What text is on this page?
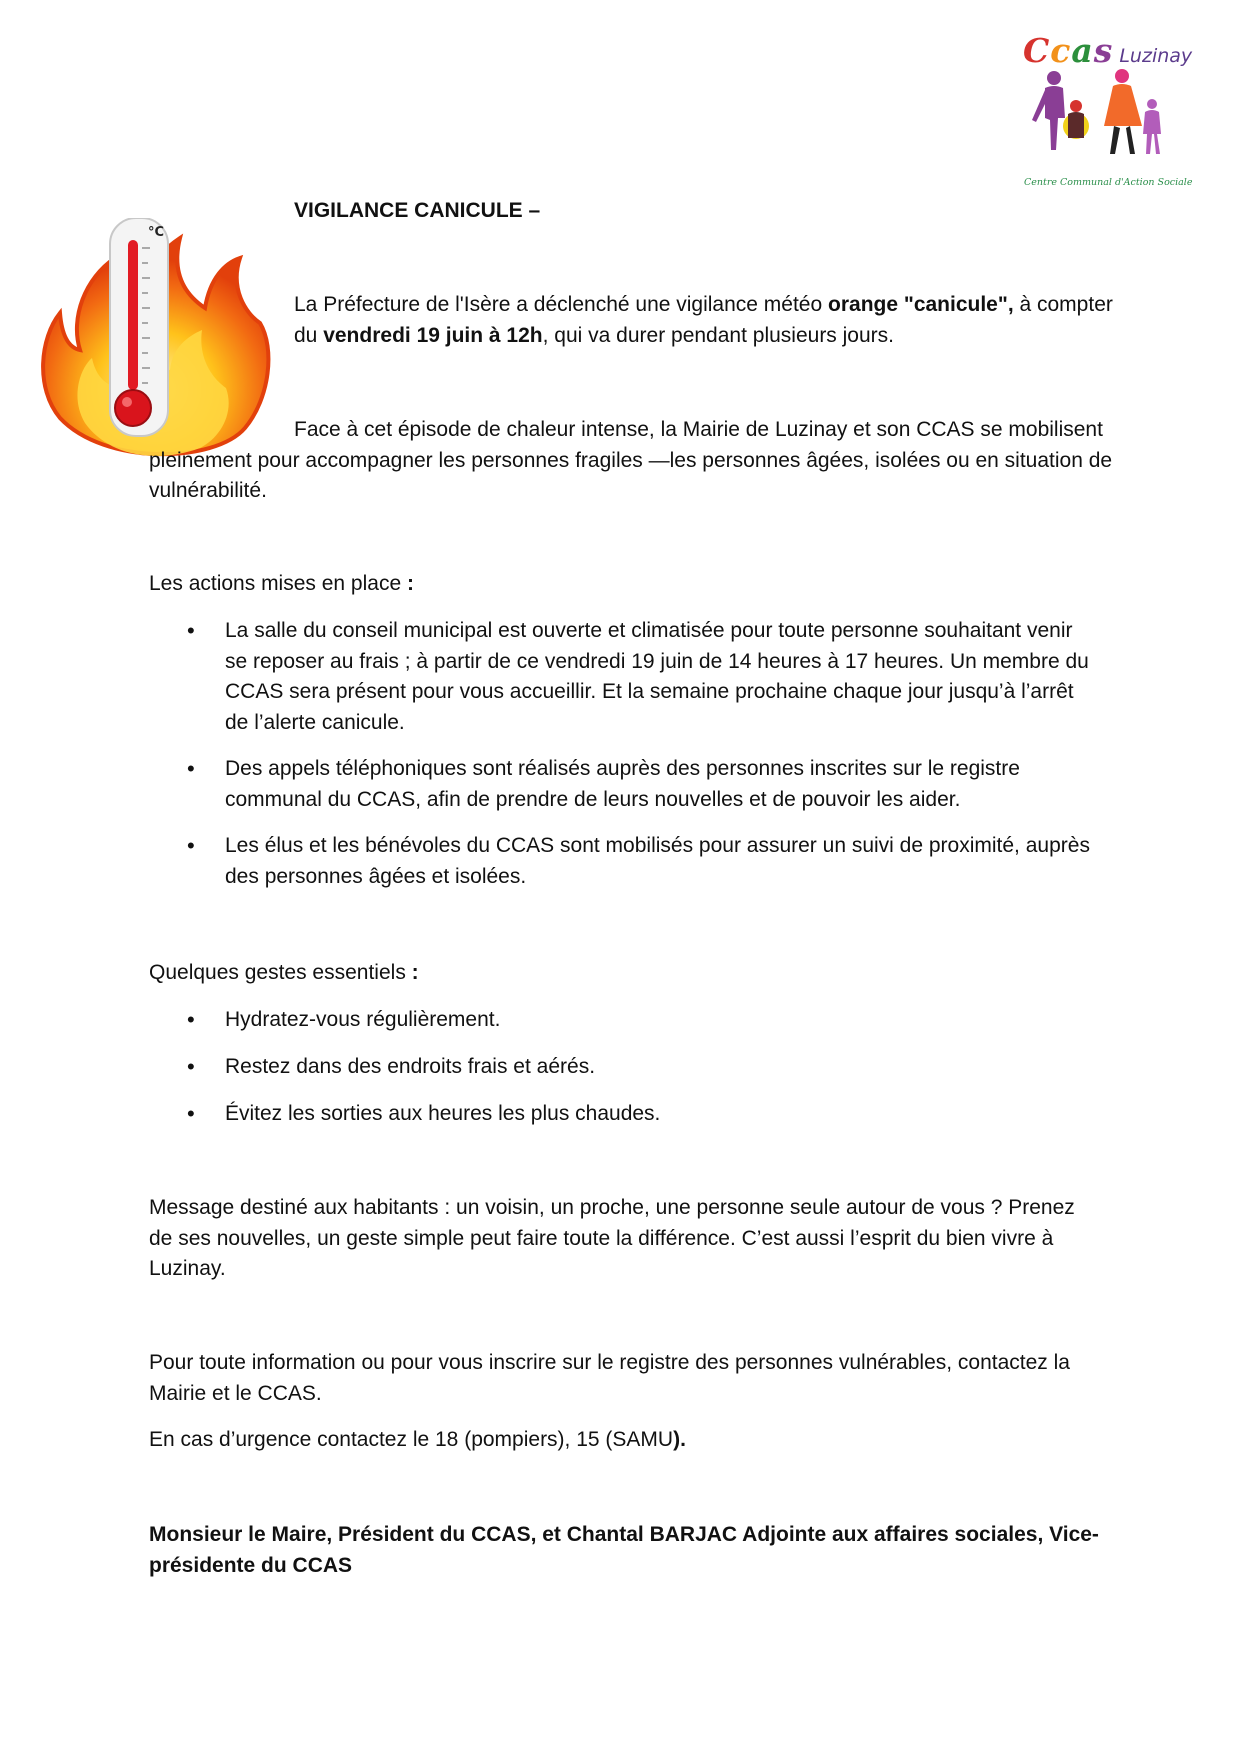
Ccas Luzinay
Centre Communal d'Action Sociale
°C
VIGILANCE CANICULE –
La Préfecture de l'Isère a déclenché une vigilance météo orange "canicule", à compter du vendredi 19 juin à 12h, qui va durer pendant plusieurs jours.
Face à cet épisode de chaleur intense, la Mairie de Luzinay et son CCAS se mobilisent pleinement pour accompagner les personnes fragiles —les personnes âgées, isolées ou en situation de vulnérabilité.
Les actions mises en place :
• La salle du conseil municipal est ouverte et climatisée pour toute personne souhaitant venir se reposer au frais ; à partir de ce vendredi 19 juin de 14 heures à 17 heures. Un membre du CCAS sera présent pour vous accueillir. Et la semaine prochaine chaque jour jusqu’à l’arrêt de l’alerte canicule.
• Des appels téléphoniques sont réalisés auprès des personnes inscrites sur le registre communal du CCAS, afin de prendre de leurs nouvelles et de pouvoir les aider.
• Les élus et les bénévoles du CCAS sont mobilisés pour assurer un suivi de proximité, auprès des personnes âgées et isolées.
Quelques gestes essentiels :
• Hydratez-vous régulièrement.
• Restez dans des endroits frais et aérés.
• Évitez les sorties aux heures les plus chaudes.
Message destiné aux habitants : un voisin, un proche, une personne seule autour de vous ? Prenez de ses nouvelles, un geste simple peut faire toute la différence. C’est aussi l’esprit du bien vivre à Luzinay.
Pour toute information ou pour vous inscrire sur le registre des personnes vulnérables, contactez la Mairie et le CCAS.
En cas d’urgence contactez le 18 (pompiers), 15 (SAMU).
Monsieur le Maire, Président du CCAS, et Chantal BARJAC Adjointe aux affaires sociales, Vice-présidente du CCAS
